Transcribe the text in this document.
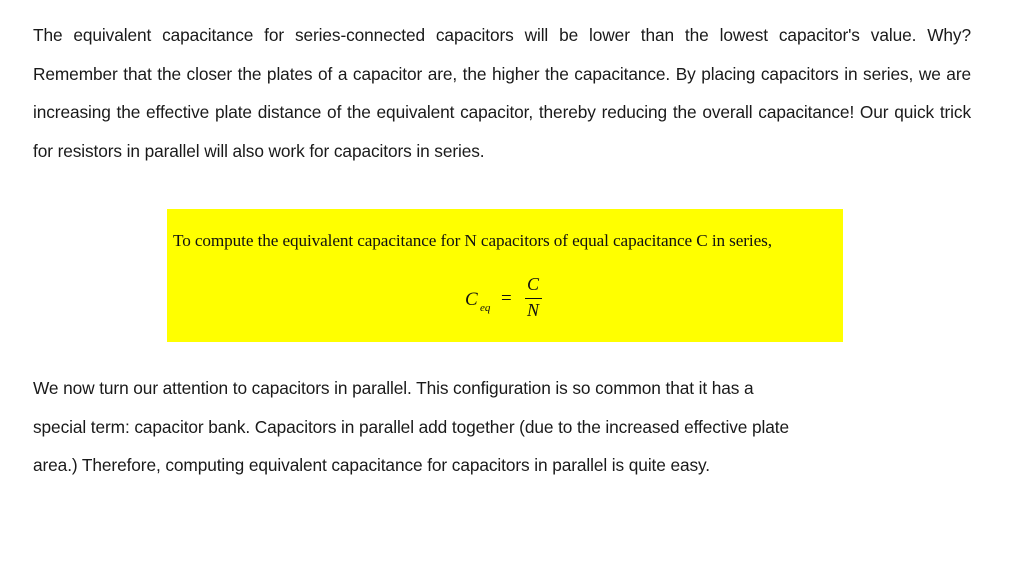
The equivalent capacitance for series-connected capacitors will be lower than the lowest capacitor's value. Why? Remember that the closer the plates of a capacitor are, the higher the capacitance. By placing capacitors in series, we are increasing the effective plate distance of the equivalent capacitor, thereby reducing the overall capacitance! Our quick trick for resistors in parallel will also work for capacitors in series.

To compute the equivalent capacitance for N capacitors of equal capacitance C in series,

C eq =
C
N
We now turn our attention to capacitors in parallel. This configuration is so common that it has a
special term: capacitor bank. Capacitors in parallel add together (due to the increased effective plate
area.) Therefore, computing equivalent capacitance for capacitors in parallel is quite easy.
